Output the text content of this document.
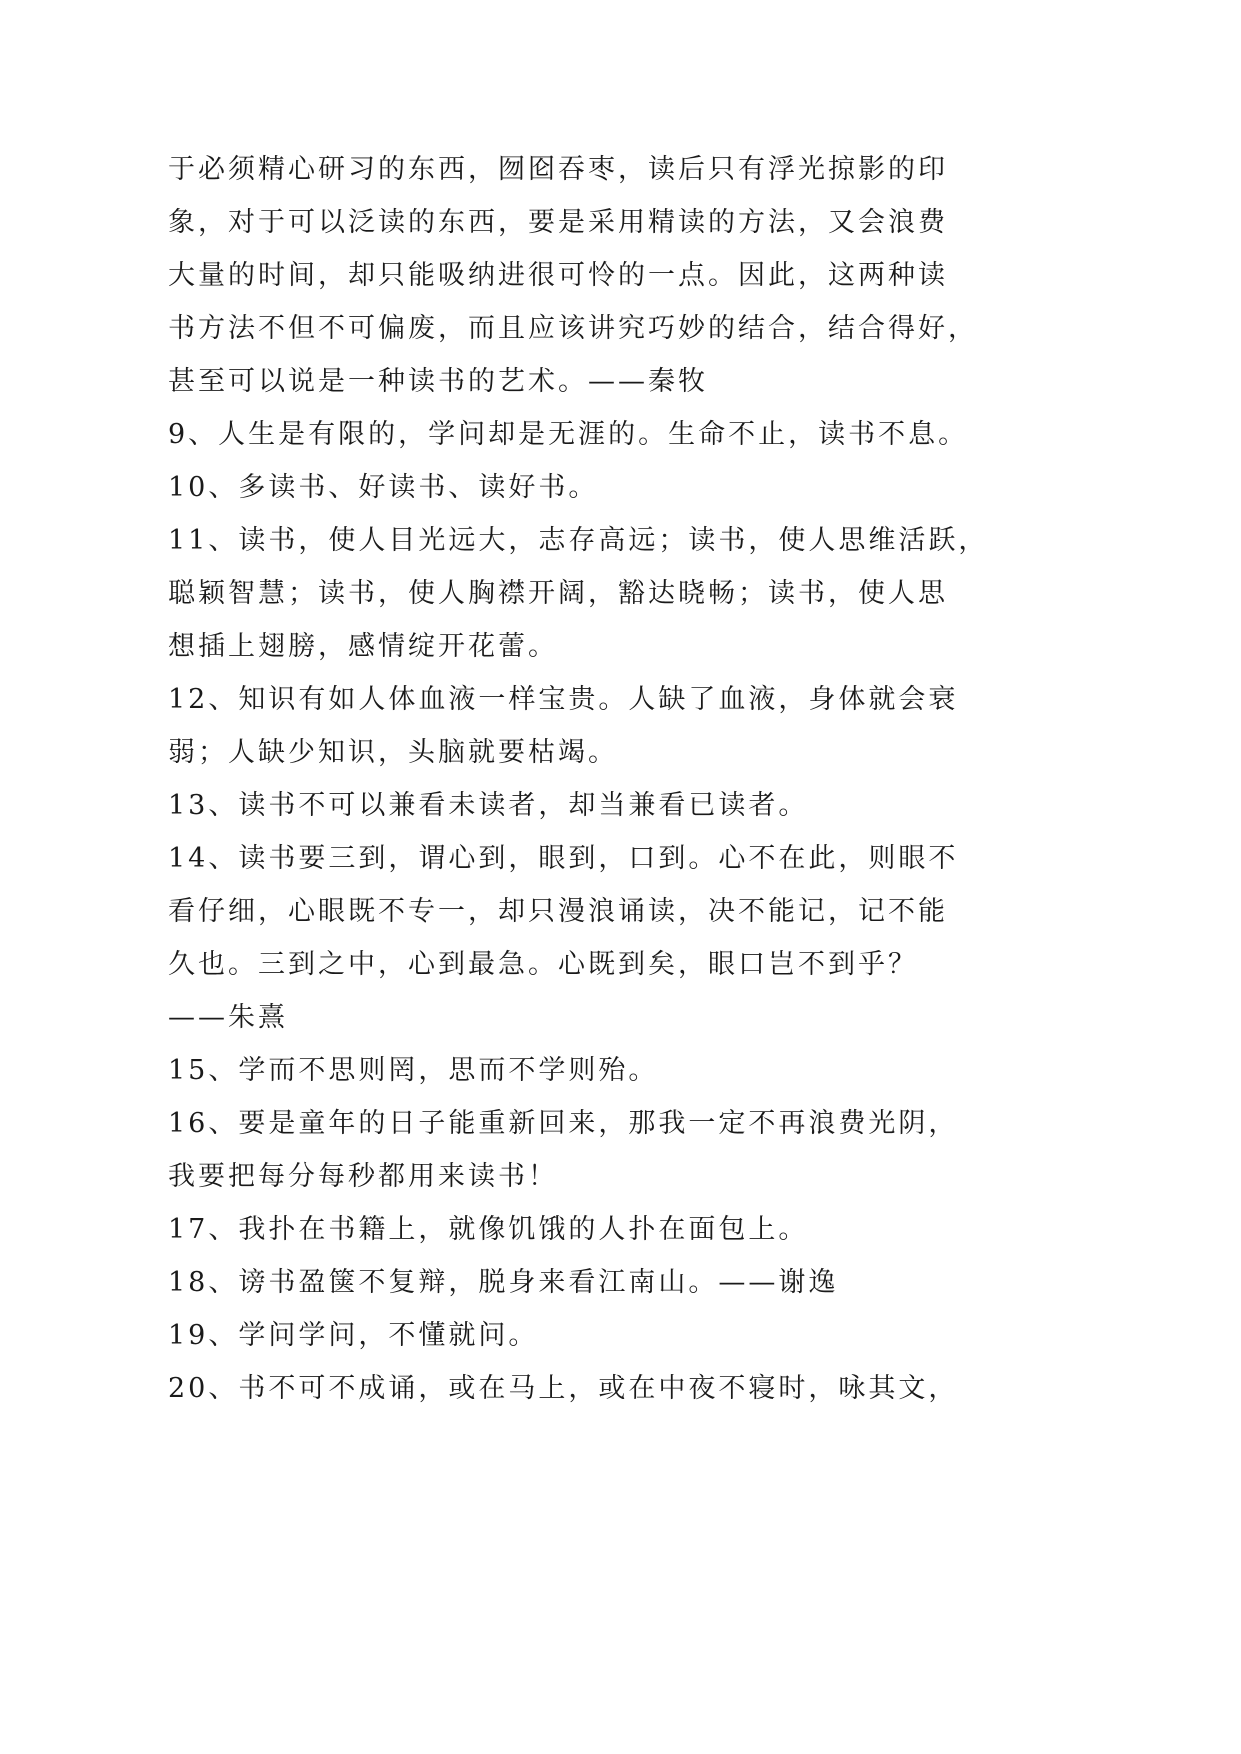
于必须精心研习的东西，囫囵吞枣，读后只有浮光掠影的印
象，对于可以泛读的东西，要是采用精读的方法，又会浪费
大量的时间，却只能吸纳进很可怜的一点。因此，这两种读
书方法不但不可偏废，而且应该讲究巧妙的结合，结合得好，
甚至可以说是一种读书的艺术。——秦牧
9、人生是有限的，学问却是无涯的。生命不止，读书不息。
10、多读书、好读书、读好书。
11、读书，使人目光远大，志存高远；读书，使人思维活跃，
聪颖智慧；读书，使人胸襟开阔，豁达晓畅；读书，使人思
想插上翅膀，感情绽开花蕾。
12、知识有如人体血液一样宝贵。人缺了血液，身体就会衰
弱；人缺少知识，头脑就要枯竭。
13、读书不可以兼看未读者，却当兼看已读者。
14、读书要三到，谓心到，眼到，口到。心不在此，则眼不
看仔细，心眼既不专一，却只漫浪诵读，决不能记，记不能
久也。三到之中，心到最急。心既到矣，眼口岂不到乎？
——朱熹
15、学而不思则罔，思而不学则殆。
16、要是童年的日子能重新回来，那我一定不再浪费光阴，
我要把每分每秒都用来读书！
17、我扑在书籍上，就像饥饿的人扑在面包上。
18、谤书盈箧不复辩，脱身来看江南山。——谢逸
19、学问学问，不懂就问。
20、书不可不成诵，或在马上，或在中夜不寝时，咏其文，
